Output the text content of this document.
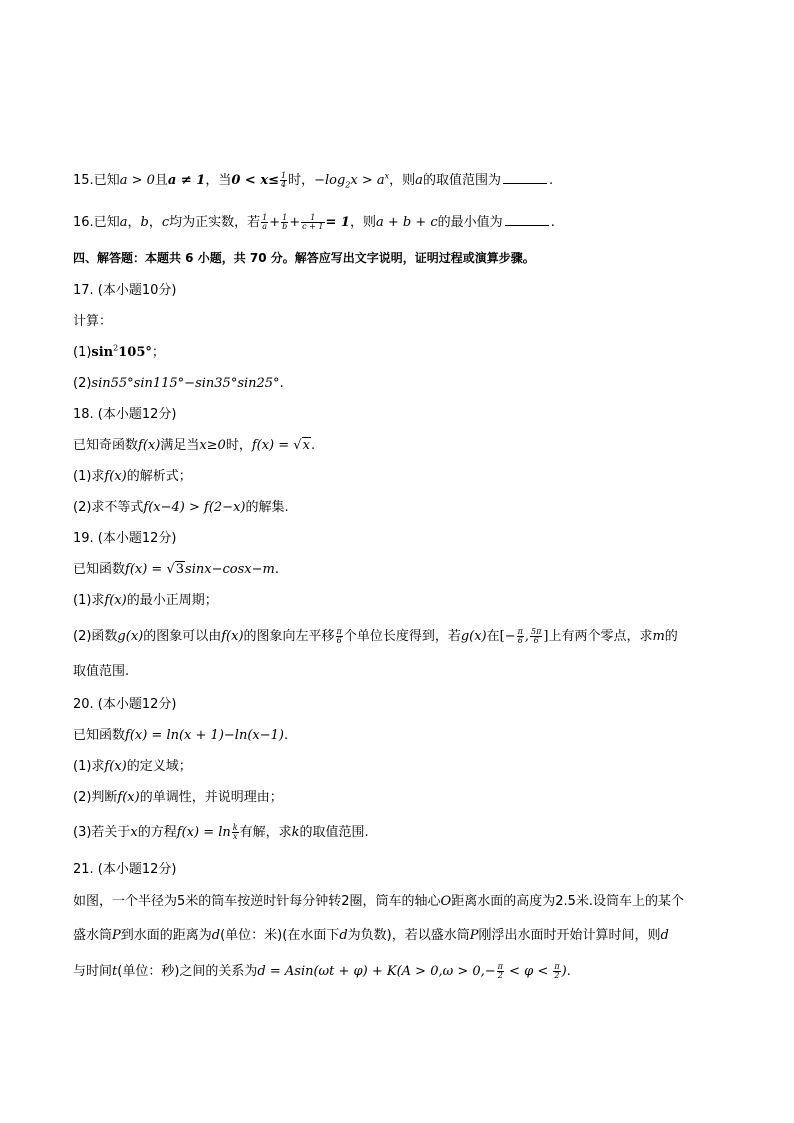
15.已知a > 0且a ≠ 1，当$0 < x\le \frac{1}{4}$ 时，$-\log_2x > a^x$，则a的取值范围为	.
16.已知a，b，c均为正实数，若 $\frac{1}{a} + \frac{1}{b} + \frac{1}{c + 1} = 1$，则a + b + c的最小值为	.
四、解答题：本题共 6 小题，共 70 分。解答应写出文字说明，证明过程或演算步骤。
17. (本小题10分)
计算：
$(1)\sin^2105^\circ$；
(2)sin55°sin115°−sin35°sin25°.
18. (本小题12分)
已知奇函数f(x)满足当x≥0时，f(x) = √x.
(1)求f(x)的解析式；
(2)求不等式f(x−4) > f(2−x)的解集.
19. (本小题12分)
已知函数f(x) = √3sinx−cosx−m.
(1)求f(x)的最小正周期；
(2)函数g(x)的图象可以由f(x)的图象向左平移 $\frac{\pi}{6}$ 个单位长度得到，若g(x)在[− $\frac{\pi}{6}$ , $\frac{5\pi}{6}$ ]上有两个零点，求m的
取值范围.
20. (本小题12分)
已知函数f(x) = ln(x + 1)−ln(x−1).
(1)求f(x)的定义域；
(2)判断f(x)的单调性，并说明理由；
(3)若关于x的方程$f(x) = \ln \frac{k}{x}$ 有解，求k的取值范围.
21. (本小题12分)
如图，一个半径为5米的筒车按逆时针每分钟转2圈，筒车的轴心O距离水面的高度为2.5米.设筒车上的某个
盛水筒P到水面的距离为d(单位：米)(在水面下d为负数)，若以盛水筒P刚浮出水面时开始计算时间，则d
与时间t(单位：秒)之间的关系为$d = Asin(\omega t + \varphi) + K(A > 0,\omega > 0,- \frac{\pi}{2} < \varphi < \frac{\pi}{2}$ ).
